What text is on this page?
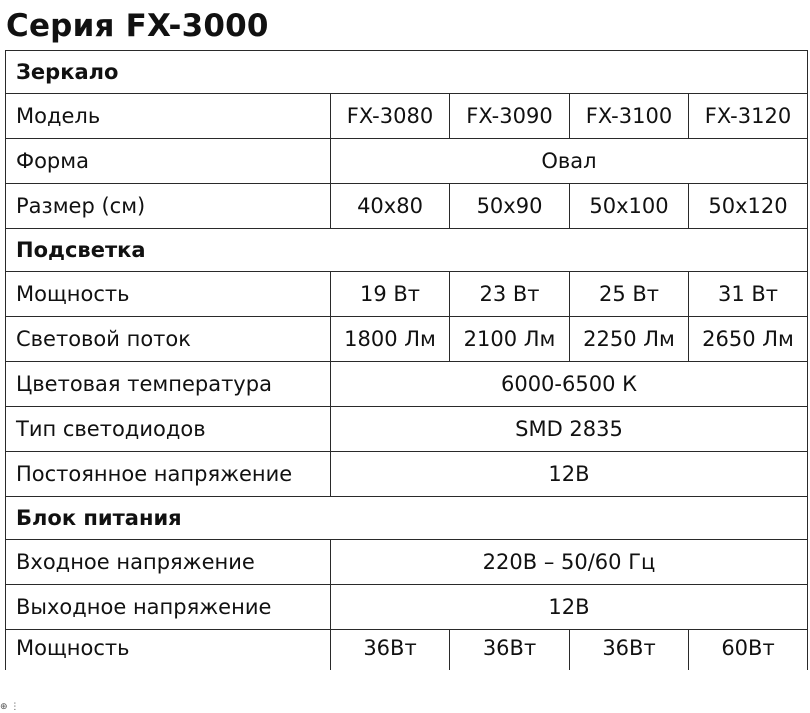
Серия FX-3000
Зеркало				
Модель	FX-3080	FX-3090	FX-3100	FX-3120
Форма	Овал			
Размер (см)	40x80	50x90	50x100	50x120
Подсветка				
Мощность	19 Вт	23 Вт	25 Вт	31 Вт
Световой поток	1800 Лм	2100 Лм	2250 Лм	2650 Лм
Цветовая температура	6000-6500 К			
Тип светодиодов	SMD 2835			
Постоянное напряжение	12В			
Блок питания				
Входное напряжение	220В – 50/60 Гц			
Выходное напряжение	12В			
Мощность	36Вт	36Вт	36Вт	60Вт
⊕ ⋮
